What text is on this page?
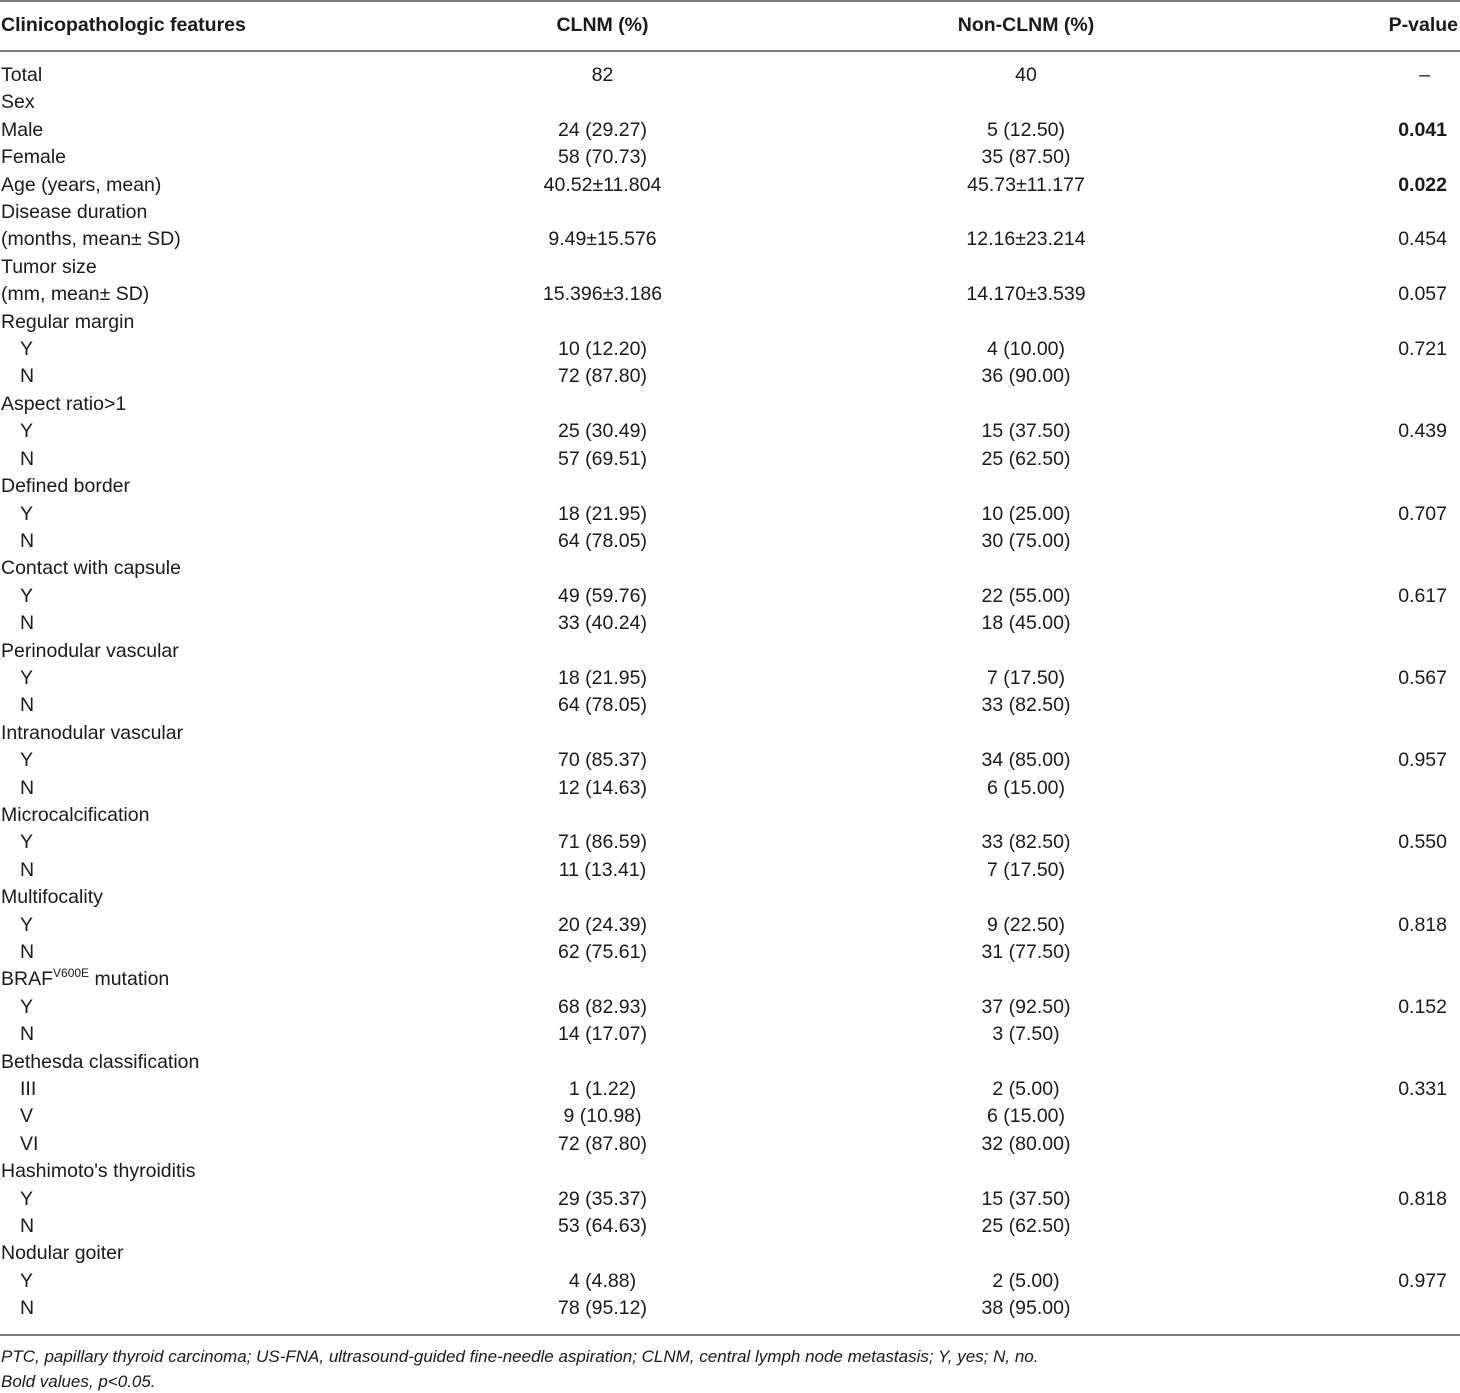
Clinicopathologic features	CLNM (%)	Non-CLNM (%)	P-value

Total	82	40	–
Sex			
Male	24 (29.27)	5 (12.50)	0.041
Female	58 (70.73)	35 (87.50)	
Age (years, mean)	40.52±11.804	45.73±11.177	0.022
Disease duration			
(months, mean± SD)	9.49±15.576	12.16±23.214	0.454
Tumor size			
(mm, mean± SD)	15.396±3.186	14.170±3.539	0.057
Regular margin			
Y	10 (12.20)	4 (10.00)	0.721
N	72 (87.80)	36 (90.00)	
Aspect ratio>1			
Y	25 (30.49)	15 (37.50)	0.439
N	57 (69.51)	25 (62.50)	
Defined border			
Y	18 (21.95)	10 (25.00)	0.707
N	64 (78.05)	30 (75.00)	
Contact with capsule			
Y	49 (59.76)	22 (55.00)	0.617
N	33 (40.24)	18 (45.00)	
Perinodular vascular			
Y	18 (21.95)	7 (17.50)	0.567
N	64 (78.05)	33 (82.50)	
Intranodular vascular			
Y	70 (85.37)	34 (85.00)	0.957
N	12 (14.63)	6 (15.00)	
Microcalcification			
Y	71 (86.59)	33 (82.50)	0.550
N	11 (13.41)	7 (17.50)	
Multifocality			
Y	20 (24.39)	9 (22.50)	0.818
N	62 (75.61)	31 (77.50)	
$BRAF^{V600E}$ mutation			
Y	68 (82.93)	37 (92.50)	0.152
N	14 (17.07)	3 (7.50)	
Bethesda classification			
III	1 (1.22)	2 (5.00)	0.331
V	9 (10.98)	6 (15.00)	
VI	72 (87.80)	32 (80.00)	
Hashimoto's thyroiditis			
Y	29 (35.37)	15 (37.50)	0.818
N	53 (64.63)	25 (62.50)	
Nodular goiter			
Y	4 (4.88)	2 (5.00)	0.977
N	78 (95.12)	38 (95.00)	
PTC, papillary thyroid carcinoma; US-FNA, ultrasound-guided fine-needle aspiration; CLNM, central lymph node metastasis; Y, yes; N, no.
Bold values, p<0.05.
